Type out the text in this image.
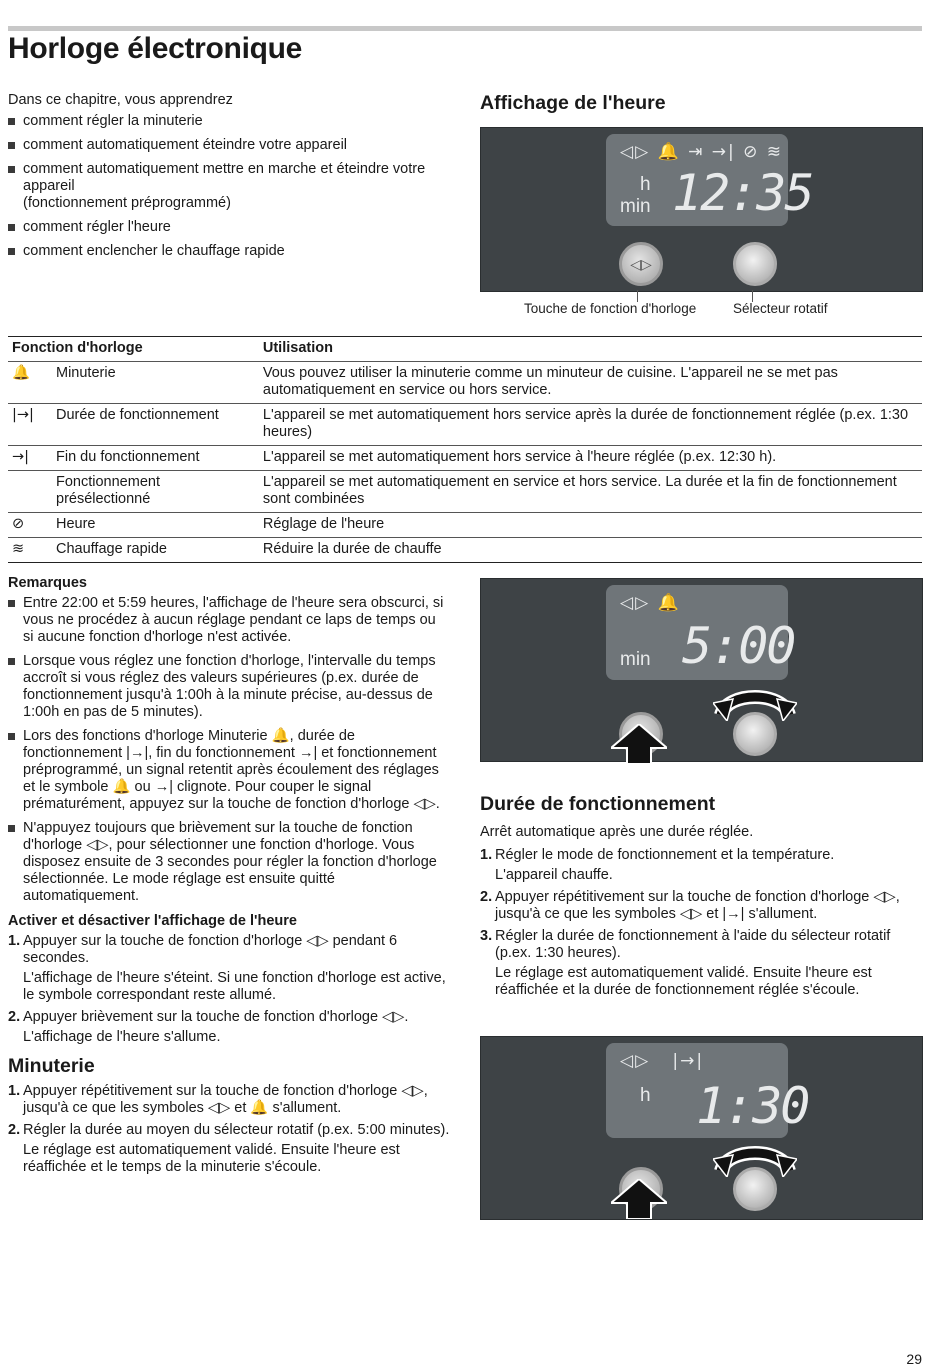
Horloge électronique

Dans ce chapitre, vous apprendrez

comment régler la minuterie
comment automatiquement éteindre votre appareil
comment automatiquement mettre en marche et éteindre votre appareil
(fonctionnement préprogrammé)
comment régler l'heure
comment enclencher le chauffage rapide
Affichage de l'heure
◁▷ 🔔 ⇥ →| ⊘ ≋
h
min 12:35
◁▷
Touche de fonction d'horloge	Sélecteur rotatif
Fonction d'horloge		Utilisation
🔔	Minuterie	Vous pouvez utiliser la minuterie comme un minuteur de cuisine. L'appareil ne se met pas automatiquement en service ou hors service.
|→|	Durée de fonctionnement	L'appareil se met automatiquement hors service après la durée de fonctionnement réglée (p.ex. 1:30 heures)
→|	Fin du fonctionnement	L'appareil se met automatiquement hors service à l'heure réglée (p.ex. 12:30 h).
	Fonctionnement présélectionné	L'appareil se met automatiquement en service et hors service. La durée et la fin de fonctionnement sont combinées
⊘	Heure	Réglage de l'heure
≋	Chauffage rapide	Réduire la durée de chauffe

Remarques

Entre 22:00 et 5:59 heures, l'affichage de l'heure sera obscurci, si vous ne procédez à aucun réglage pendant ce laps de temps ou si aucune fonction d'horloge n'est activée.
Lorsque vous réglez une fonction d'horloge, l'intervalle du temps accroît si vous réglez des valeurs supérieures (p.ex. durée de fonctionnement jusqu'à 1:00h à la minute précise, au-dessus de 1:00h en pas de 5 minutes).
Lors des fonctions d'horloge Minuterie 🔔, durée de fonctionnement |→|, fin du fonctionnement →| et fonctionnement préprogrammé, un signal retentit après écoulement des réglages et le symbole 🔔 ou →| clignote. Pour couper le signal prématurément, appuyez sur la touche de fonction d'horloge ◁▷.
N'appuyez toujours que brièvement sur la touche de fonction d'horloge ◁▷, pour sélectionner une fonction d'horloge. Vous disposez ensuite de 3 secondes pour régler la fonction d'horloge sélectionnée. Le mode réglage est ensuite quitté automatiquement.

Activer et désactiver l'affichage de l'heure

1. Appuyer sur la touche de fonction d'horloge ◁▷ pendant 6 secondes.

L'affichage de l'heure s'éteint. Si une fonction d'horloge est active, le symbole correspondant reste allumé.

2. Appuyer brièvement sur la touche de fonction d'horloge ◁▷.

L'affichage de l'heure s'allume.

Minuterie
1. Appuyer répétitivement sur la touche de fonction d'horloge ◁▷, jusqu'à ce que les symboles ◁▷ et 🔔 s'allument.
2. Régler la durée au moyen du sélecteur rotatif (p.ex. 5:00 minutes).

Le réglage est automatiquement validé. Ensuite l'heure est réaffichée et le temps de la minuterie s'écoule.

◁▷ 🔔
min 5:00
Durée de fonctionnement

Arrêt automatique après une durée réglée.

1. Régler le mode de fonctionnement et la température.

L'appareil chauffe.

2. Appuyer répétitivement sur la touche de fonction d'horloge ◁▷, jusqu'à ce que les symboles ◁▷ et |→| s'allument.
3. Régler la durée de fonctionnement à l'aide du sélecteur rotatif (p.ex. 1:30 heures).

Le réglage est automatiquement validé. Ensuite l'heure est réaffichée et la durée de fonctionnement réglée s'écoule.

◁▷   |→|
h 1:30
29
